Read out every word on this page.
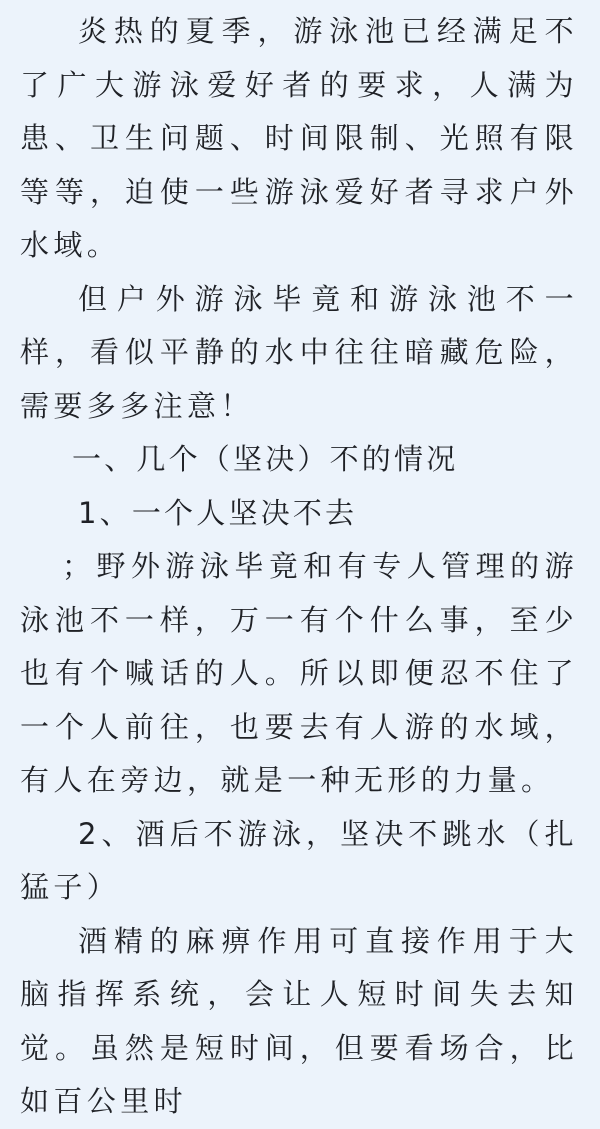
炎热的夏季，游泳池已经满足不了广大游泳爱好者的要求，人满为患、卫生问题、时间限制、光照有限等等，迫使一些游泳爱好者寻求户外水域。

但户外游泳毕竟和游泳池不一样，看似平静的水中往往暗藏危险，需要多多注意！

一、几个（坚决）不的情况

1、一个人坚决不去

；野外游泳毕竟和有专人管理的游泳池不一样，万一有个什么事，至少也有个喊话的人。所以即便忍不住了一个人前往，也要去有人游的水域，有人在旁边，就是一种无形的力量。

2、酒后不游泳，坚决不跳水（扎猛子）

酒精的麻痹作用可直接作用于大脑指挥系统，会让人短时间失去知觉。虽然是短时间，但要看场合，比如百公里时
